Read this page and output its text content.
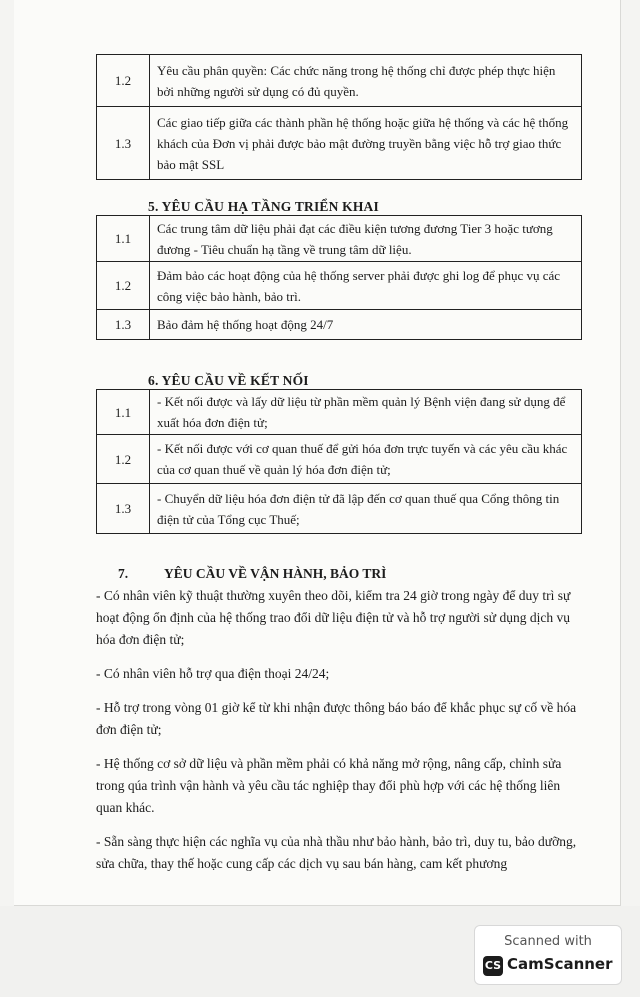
1.2	Yêu cầu phân quyền: Các chức năng trong hệ thống chỉ được phép thực hiện bởi những người sử dụng có đủ quyền.
1.3	Các giao tiếp giữa các thành phần hệ thống hoặc giữa hệ thống và các hệ thống khách của Đơn vị phải được bảo mật đường truyền bằng việc hỗ trợ giao thức bảo mật SSL
5. YÊU CẦU HẠ TẦNG TRIỂN KHAI
1.1	Các trung tâm dữ liệu phải đạt các điều kiện tương đương Tier 3 hoặc tương đương - Tiêu chuẩn hạ tầng về trung tâm dữ liệu.
1.2	Đảm bảo các hoạt động của hệ thống server phải được ghi log để phục vụ các công việc bảo hành, bảo trì.
1.3	Bảo đảm hệ thống hoạt động 24/7
6. YÊU CẦU VỀ KẾT NỐI
1.1	- Kết nối được và lấy dữ liệu từ phần mềm quản lý Bệnh viện đang sử dụng để xuất hóa đơn điện tử;
1.2	- Kết nối được với cơ quan thuế để gửi hóa đơn trực tuyến và các yêu cầu khác của cơ quan thuế về quản lý hóa đơn điện tử;
1.3	- Chuyển dữ liệu hóa đơn điện tử đã lập đến cơ quan thuế qua Cổng thông tin điện tử của Tổng cục Thuế;
7.	YÊU CẦU VỀ VẬN HÀNH, BẢO TRÌ

- Có nhân viên kỹ thuật thường xuyên theo dõi, kiểm tra 24 giờ trong ngày để duy trì sự hoạt động ổn định của hệ thống trao đổi dữ liệu điện tử và hỗ trợ người sử dụng dịch vụ hóa đơn điện tử;

- Có nhân viên hỗ trợ qua điện thoại 24/24;

- Hỗ trợ trong vòng 01 giờ kể từ khi nhận được thông báo báo để khắc phục sự cố về hóa đơn điện tử;

- Hệ thống cơ sở dữ liệu và phần mềm phải có khả năng mở rộng, nâng cấp, chỉnh sửa trong qúa trình vận hành và yêu cầu tác nghiệp thay đổi phù hợp với các hệ thống liên quan khác.

- Sẵn sàng thực hiện các nghĩa vụ của nhà thầu như bảo hành, bảo trì, duy tu, bảo dưỡng, sửa chữa, thay thế hoặc cung cấp các dịch vụ sau bán hàng, cam kết phương

Scanned with
CS CamScanner
